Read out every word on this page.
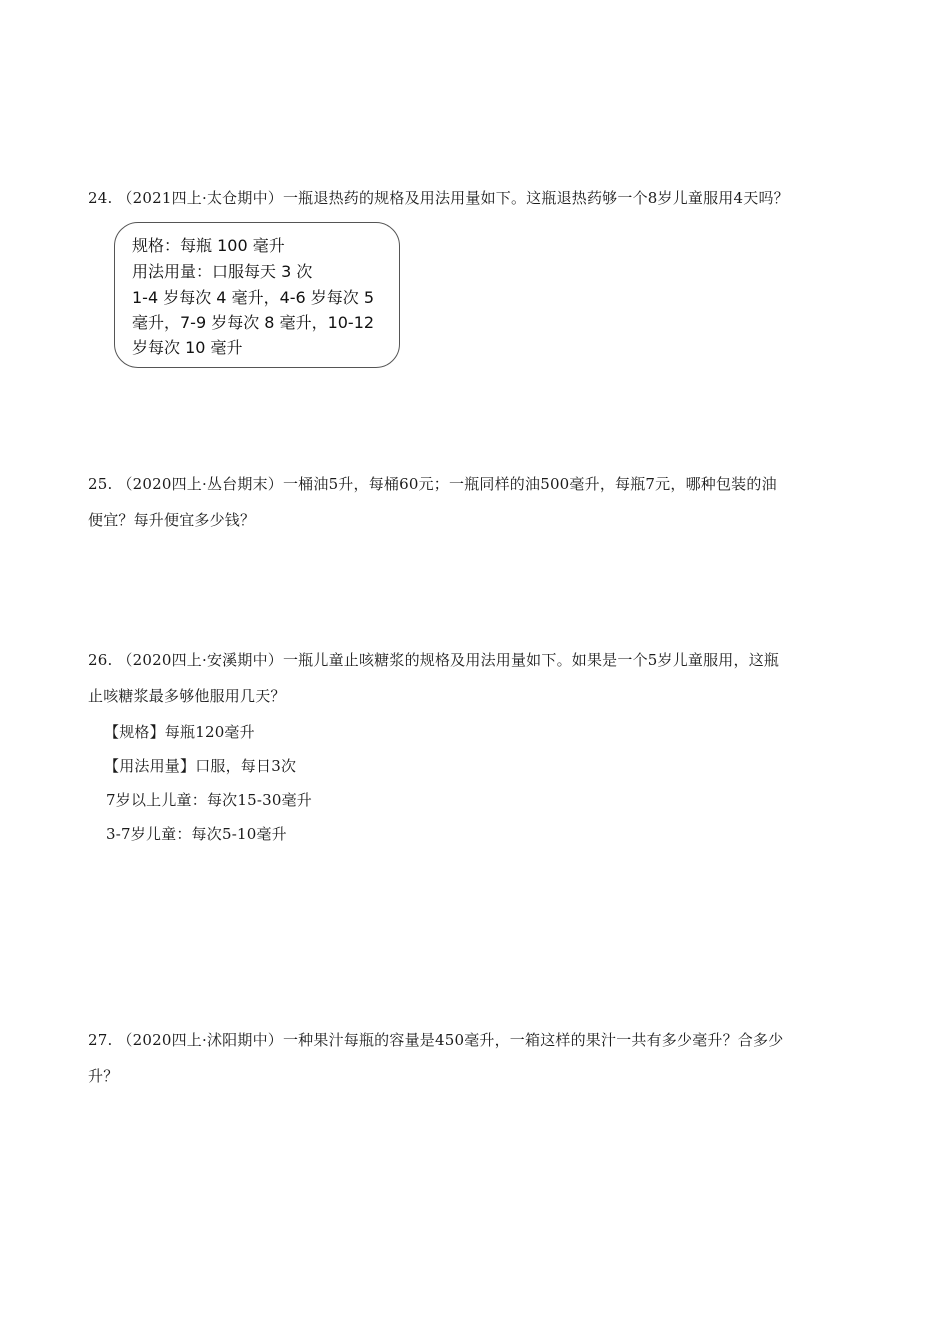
24. （2021四上·太仓期中）一瓶退热药的规格及用法用量如下。这瓶退热药够一个8岁儿童服用4天吗？
规格：每瓶 100 毫升
用法用量：口服每天 3 次
1-4 岁每次 4 毫升，4-6 岁每次 5
毫升，7-9 岁每次 8 毫升，10-12
岁每次 10 毫升
25. （2020四上·丛台期末）一桶油5升，每桶60元；一瓶同样的油500毫升，每瓶7元，哪种包装的油
便宜？每升便宜多少钱？
26. （2020四上·安溪期中）一瓶儿童止咳糖浆的规格及用法用量如下。如果是一个5岁儿童服用，这瓶
止咳糖浆最多够他服用几天？
【规格】每瓶120毫升
【用法用量】口服，每日3次
7岁以上儿童：每次15-30毫升
3-7岁儿童：每次5-10毫升
27. （2020四上·沭阳期中）一种果汁每瓶的容量是450毫升，一箱这样的果汁一共有多少毫升？合多少
升？
